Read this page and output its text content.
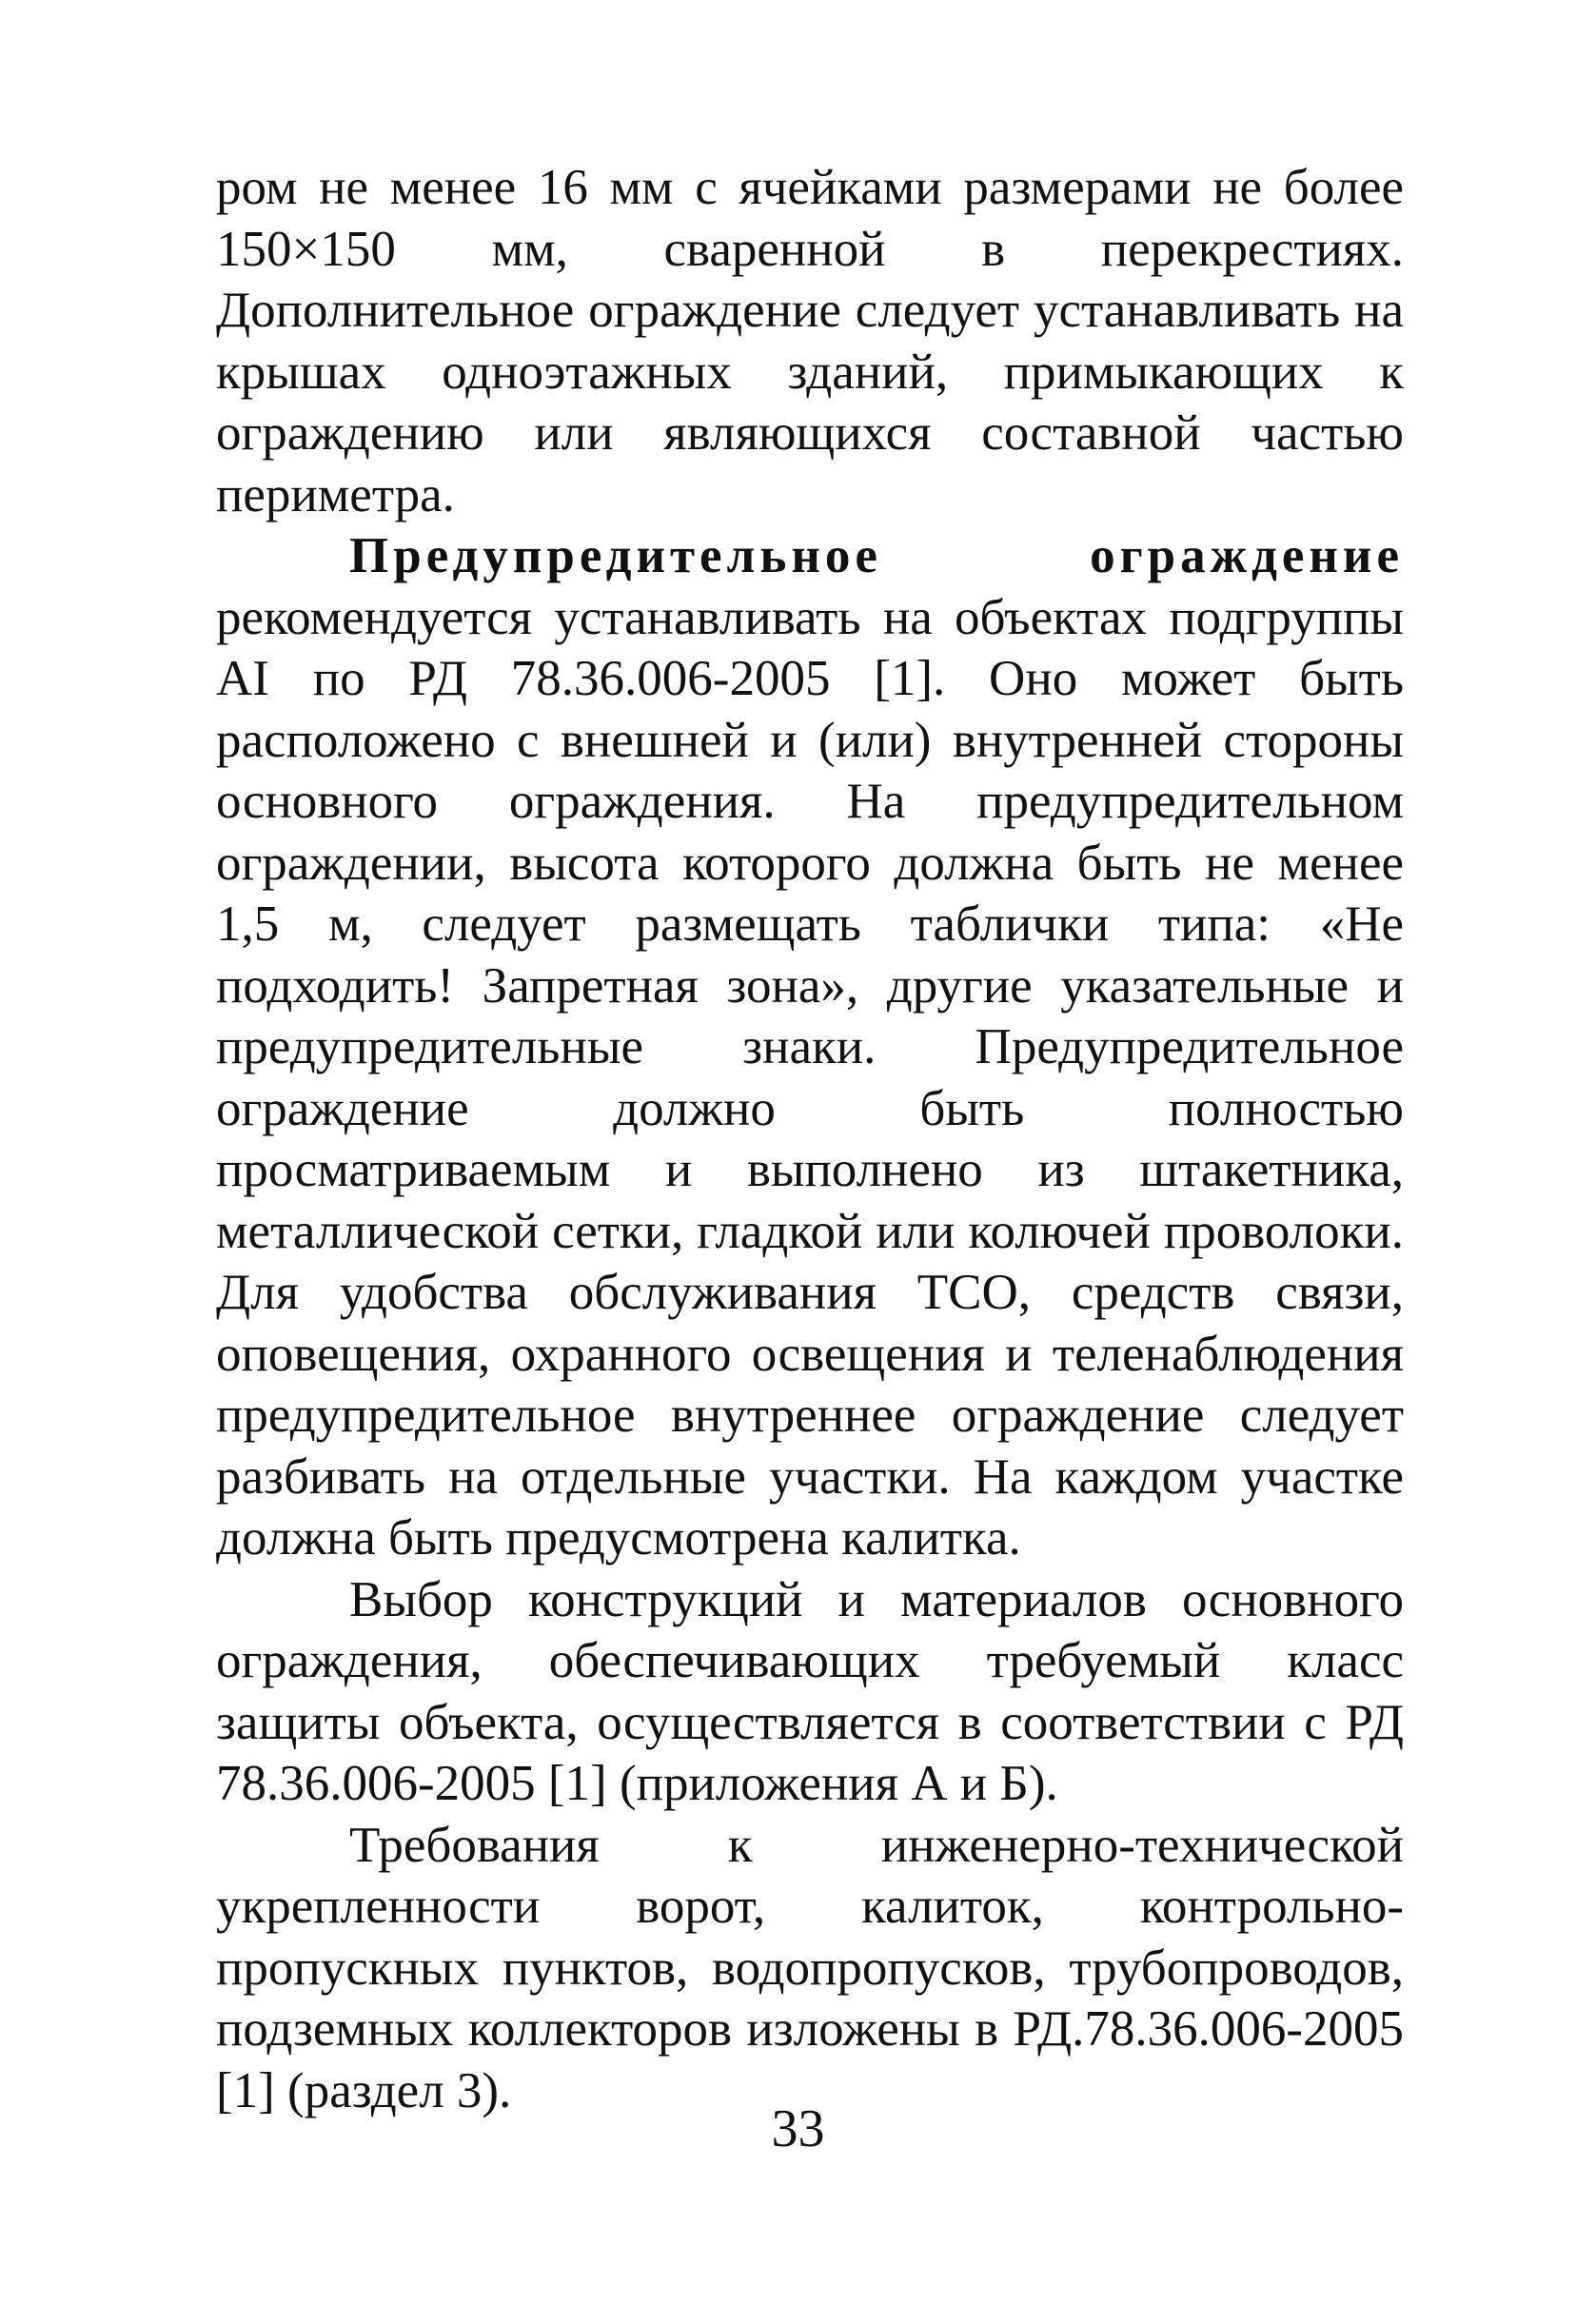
ром не менее 16 мм с ячейками размерами не более 150×150 мм, сваренной в перекрестиях. Дополнительное ограждение следует устанавливать на крышах одноэтажных зданий, примыкающих к ограждению или являющихся составной частью периметра.

Предупредительное ограждение рекомендуется устанавливать на объектах подгруппы АI по РД 78.36.006-2005 [1]. Оно может быть расположено с внешней и (или) внутренней стороны основного ограждения. На предупредительном ограждении, высота которого должна быть не менее 1,5 м, следует размещать таблички типа: «Не подходить! Запретная зона», другие указательные и предупредительные знаки. Предупредительное ограждение должно быть полностью просматриваемым и выполнено из штакетника, металлической сетки, гладкой или колючей проволоки. Для удобства обслуживания ТСО, средств связи, оповещения, охранного освещения и теленаблюдения предупредительное внутреннее ограждение следует разбивать на отдельные участки. На каждом участке должна быть предусмотрена калитка.

Выбор конструкций и материалов основного ограждения, обеспечивающих требуемый класс защиты объекта, осуществляется в соответствии с РД 78.36.006-2005 [1] (приложения А и Б).

Требования к инженерно-технической укрепленности ворот, калиток, контрольно-пропускных пунктов, водопропусков, трубопроводов, подземных коллекторов изложены в РД.78.36.006-2005 [1] (раздел 3).

33
